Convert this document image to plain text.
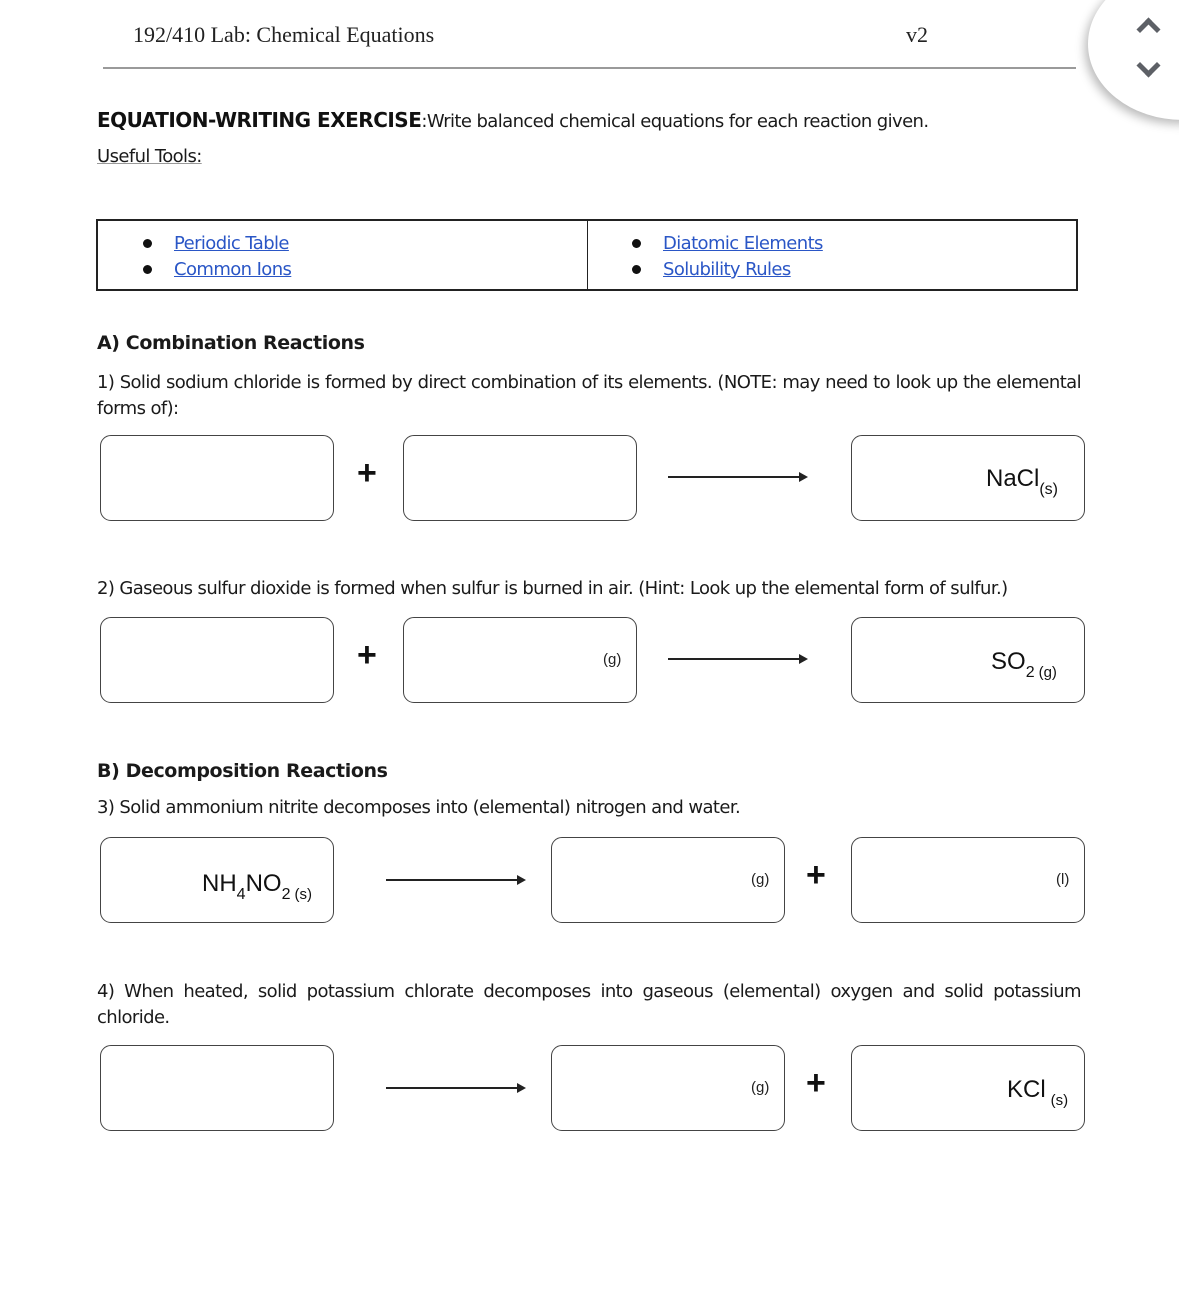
192/410 Lab: Chemical Equations	v2
EQUATION-WRITING EXERCISE:Write balanced chemical equations for each reaction given.
Useful Tools:
Periodic Table
Common Ions
Diatomic Elements
Solubility Rules
A) Combination Reactions
1) Solid sodium chloride is formed by direct combination of its elements. (NOTE: may need to look up the elemental forms of):
+	NaCl$_{(s)}$
2) Gaseous sulfur dioxide is formed when sulfur is burned in air. (Hint: Look up the elemental form of sulfur.)
+	(g)	$SO_2$ $_{(g)}$
B) Decomposition Reactions
3) Solid ammonium nitrite decomposes into (elemental) nitrogen and water.
$NH_4NO_2$ $_{(s)}$
(g) +	(l)
4) When heated, solid potassium chlorate decomposes into gaseous (elemental) oxygen and solid potassium chloride.
(g) +	KCl $_{(s)}$
